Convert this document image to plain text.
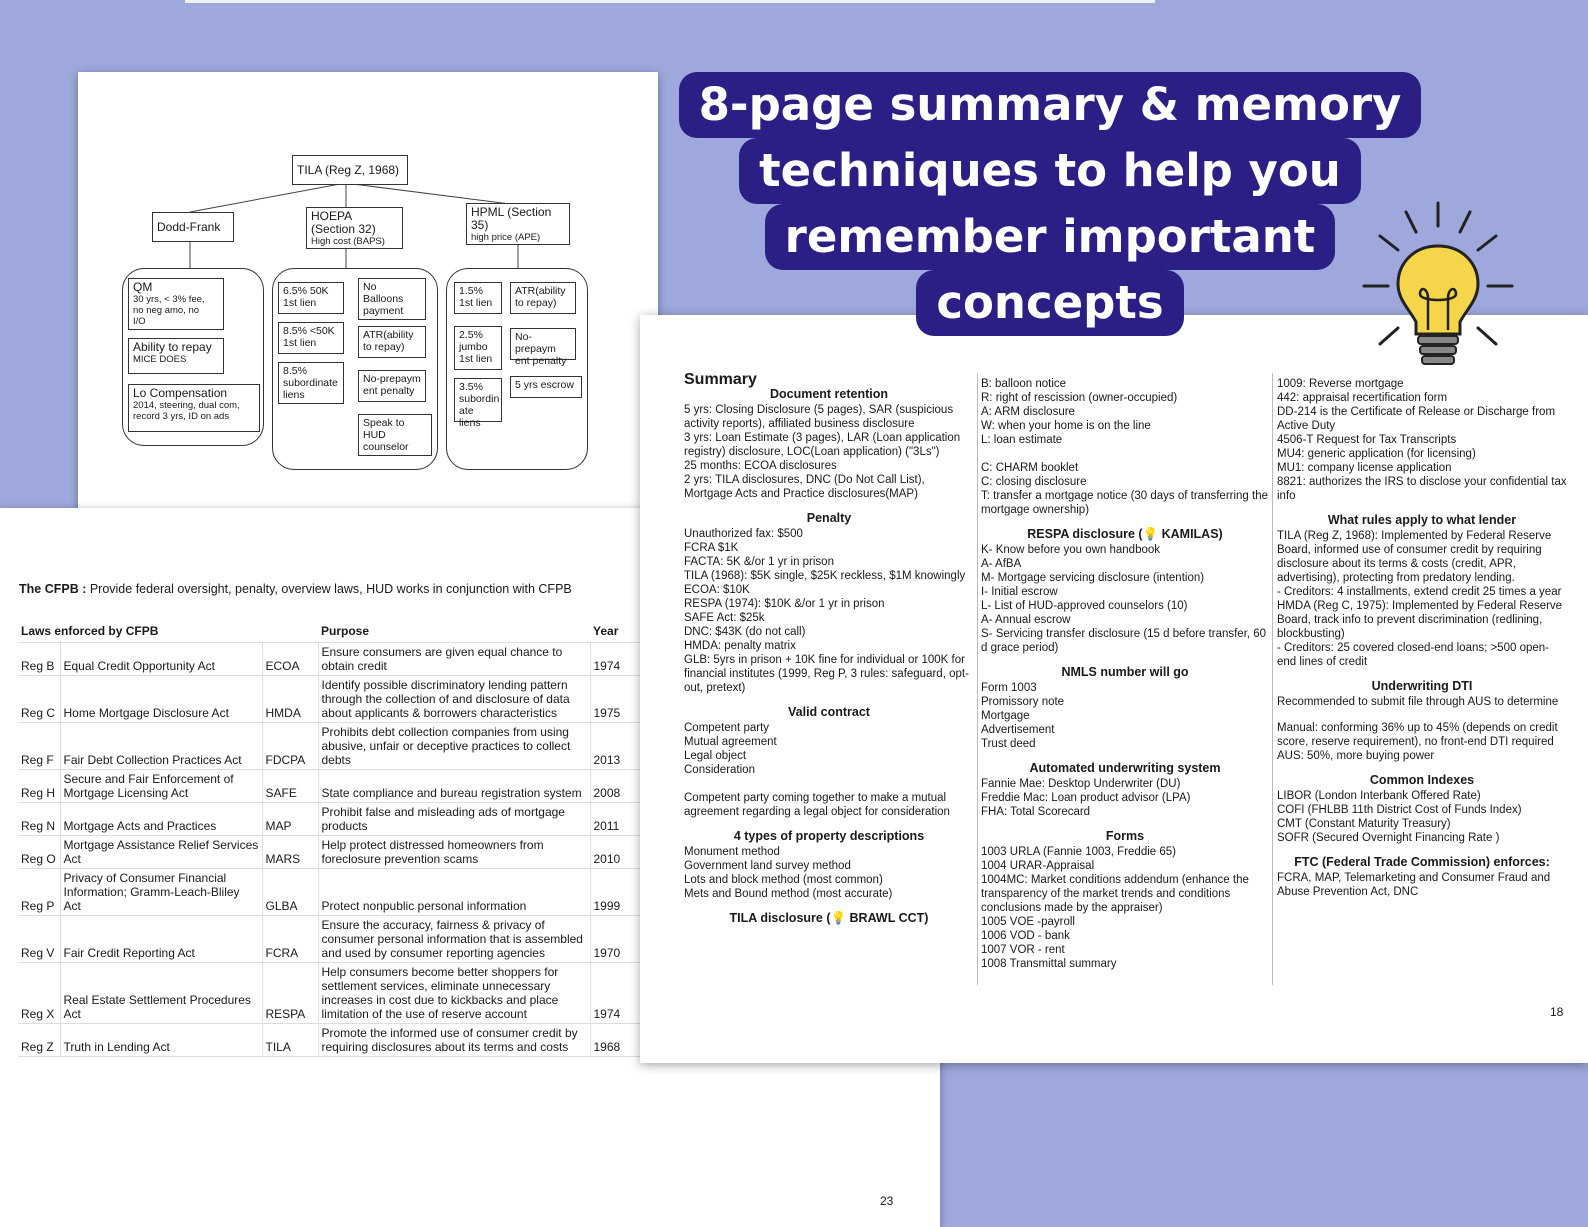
TILA (Reg Z, 1968)
Dodd-Frank
HOEPA
(Section 32)
High cost (BAPS)
HPML (Section
35)
high price (APE)
QM
30 yrs, < 3% fee,
no neg amo, no
I/O
Ability to repay
MICE DOES
Lo Compensation
2014, steering, dual com,
record 3 yrs, ID on ads
6.5% 50K
1st lien
8.5% <50K
1st lien
8.5%
subordinate
liens
No
Balloons
payment
ATR(ability
to repay)
No-prepaym
ent penalty
Speak to
HUD
counselor
1.5%
1st lien
2.5%
jumbo
1st lien
3.5%
subordin
ate liens
ATR(ability
to repay)
No-prepaym
ent penalty
5 yrs escrow
The CFPB : Provide federal oversight, penalty, overview laws, HUD works in conjunction with CFPB
Laws enforced by CFPB			Purpose	Year	
Reg B	Equal Credit Opportunity Act	ECOA	Ensure consumers are given equal chance to obtain credit	1974	
Reg C	Home Mortgage Disclosure Act	HMDA	Identify possible discriminatory lending pattern through the collection of and disclosure of data about applicants & borrowers characteristics	1975	
Reg F	Fair Debt Collection Practices Act	FDCPA	Prohibits debt collection companies from using abusive, unfair or deceptive practices to collect debts	2013	
Reg H	Secure and Fair Enforcement of Mortgage Licensing Act	SAFE	State compliance and bureau registration system	2008	
Reg N	Mortgage Acts and Practices	MAP	Prohibit false and misleading ads of mortgage products	2011	
Reg O	Mortgage Assistance Relief Services Act	MARS	Help protect distressed homeowners from foreclosure prevention scams	2010	
Reg P	Privacy of Consumer Financial Information; Gramm-Leach-Bliley Act	GLBA	Protect nonpublic personal information	1999	
Reg V	Fair Credit Reporting Act	FCRA	Ensure the accuracy, fairness & privacy of consumer personal information that is assembled and used by consumer reporting agencies	1970	
Reg X	Real Estate Settlement Procedures Act	RESPA	Help consumers become better shoppers for settlement services, eliminate unnecessary increases in cost due to kickbacks and place limitation of the use of reserve account	1974	
Reg Z	Truth in Lending Act	TILA	Promote the informed use of consumer credit by requiring disclosures about its terms and costs	1968	
23
Summary
Document retention

5 yrs: Closing Disclosure (5 pages), SAR (suspicious activity reports), affiliated business disclosure
3 yrs: Loan Estimate (3 pages), LAR (Loan application registry) disclosure, LOC(Loan application) ("3Ls")
25 months: ECOA disclosures
2 yrs: TILA disclosures, DNC (Do Not Call List), Mortgage Acts and Practice disclosures(MAP)

Penalty

Unauthorized fax: $500
FCRA $1K
FACTA: 5K &/or 1 yr in prison
TILA (1968): $5K single, $25K reckless, $1M knowingly
ECOA: $10K
RESPA (1974): $10K &/or 1 yr in prison
SAFE Act: $25k
DNC: $43K (do not call)
HMDA: penalty matrix
GLB: 5yrs in prison + 10K fine for individual or 100K for financial institutes (1999, Reg P, 3 rules: safeguard, opt-out, pretext)

Valid contract

Competent party
Mutual agreement
Legal object
Consideration

Competent party coming together to make a mutual agreement regarding a legal object for consideration

4 types of property descriptions

Monument method
Government land survey method
Lots and block method (most common)
Mets and Bound method (most accurate)

TILA disclosure (💡 BRAWL CCT)

B: balloon notice
R: right of rescission (owner-occupied)
A: ARM disclosure
W: when your home is on the line
L: loan estimate

C: CHARM booklet
C: closing disclosure
T: transfer a mortgage notice (30 days of transferring the mortgage ownership)

RESPA disclosure (💡 KAMILAS)

K- Know before you own handbook
A- AfBA
M- Mortgage servicing disclosure (intention)
I- Initial escrow
L- List of HUD-approved counselors (10)
A- Annual escrow
S- Servicing transfer disclosure (15 d before transfer, 60 d grace period)

NMLS number will go

Form 1003
Promissory note
Mortgage
Advertisement
Trust deed

Automated underwriting system

Fannie Mae: Desktop Underwriter (DU)
Freddie Mac: Loan product advisor (LPA)
FHA: Total Scorecard

Forms

1003 URLA (Fannie 1003, Freddie 65)
1004 URAR-Appraisal
1004MC: Market conditions addendum (enhance the transparency of the market trends and conditions conclusions made by the appraiser)
1005 VOE -payroll
1006 VOD - bank
1007 VOR - rent
1008 Transmittal summary

1009: Reverse mortgage
442: appraisal recertification form
DD-214 is the Certificate of Release or Discharge from Active Duty
4506-T Request for Tax Transcripts
MU4: generic application (for licensing)
MU1: company license application
8821: authorizes the IRS to disclose your confidential tax info

What rules apply to what lender

TILA (Reg Z, 1968): Implemented by Federal Reserve Board, informed use of consumer credit by requiring disclosure about its terms & costs (credit, APR, advertising), protecting from predatory lending.
- Creditors: 4 installments, extend credit 25 times a year
HMDA (Reg C, 1975): Implemented by Federal Reserve Board, track info to prevent discrimination (redlining, blockbusting)
- Creditors: 25 covered closed-end loans; >500 open-end lines of credit

Underwriting DTI

Recommended to submit file through AUS to determine

Manual: conforming 36% up to 45% (depends on credit score, reserve requirement), no front-end DTI required
AUS: 50%, more buying power

Common Indexes

LIBOR (London Interbank Offered Rate)
COFI (FHLBB 11th District Cost of Funds Index)
CMT (Constant Maturity Treasury)
SOFR (Secured Overnight Financing Rate )

FTC (Federal Trade Commission) enforces:

FCRA, MAP, Telemarketing and Consumer Fraud and Abuse Prevention Act, DNC

18
8-page summary & memory
techniques to help you
remember important
concepts
